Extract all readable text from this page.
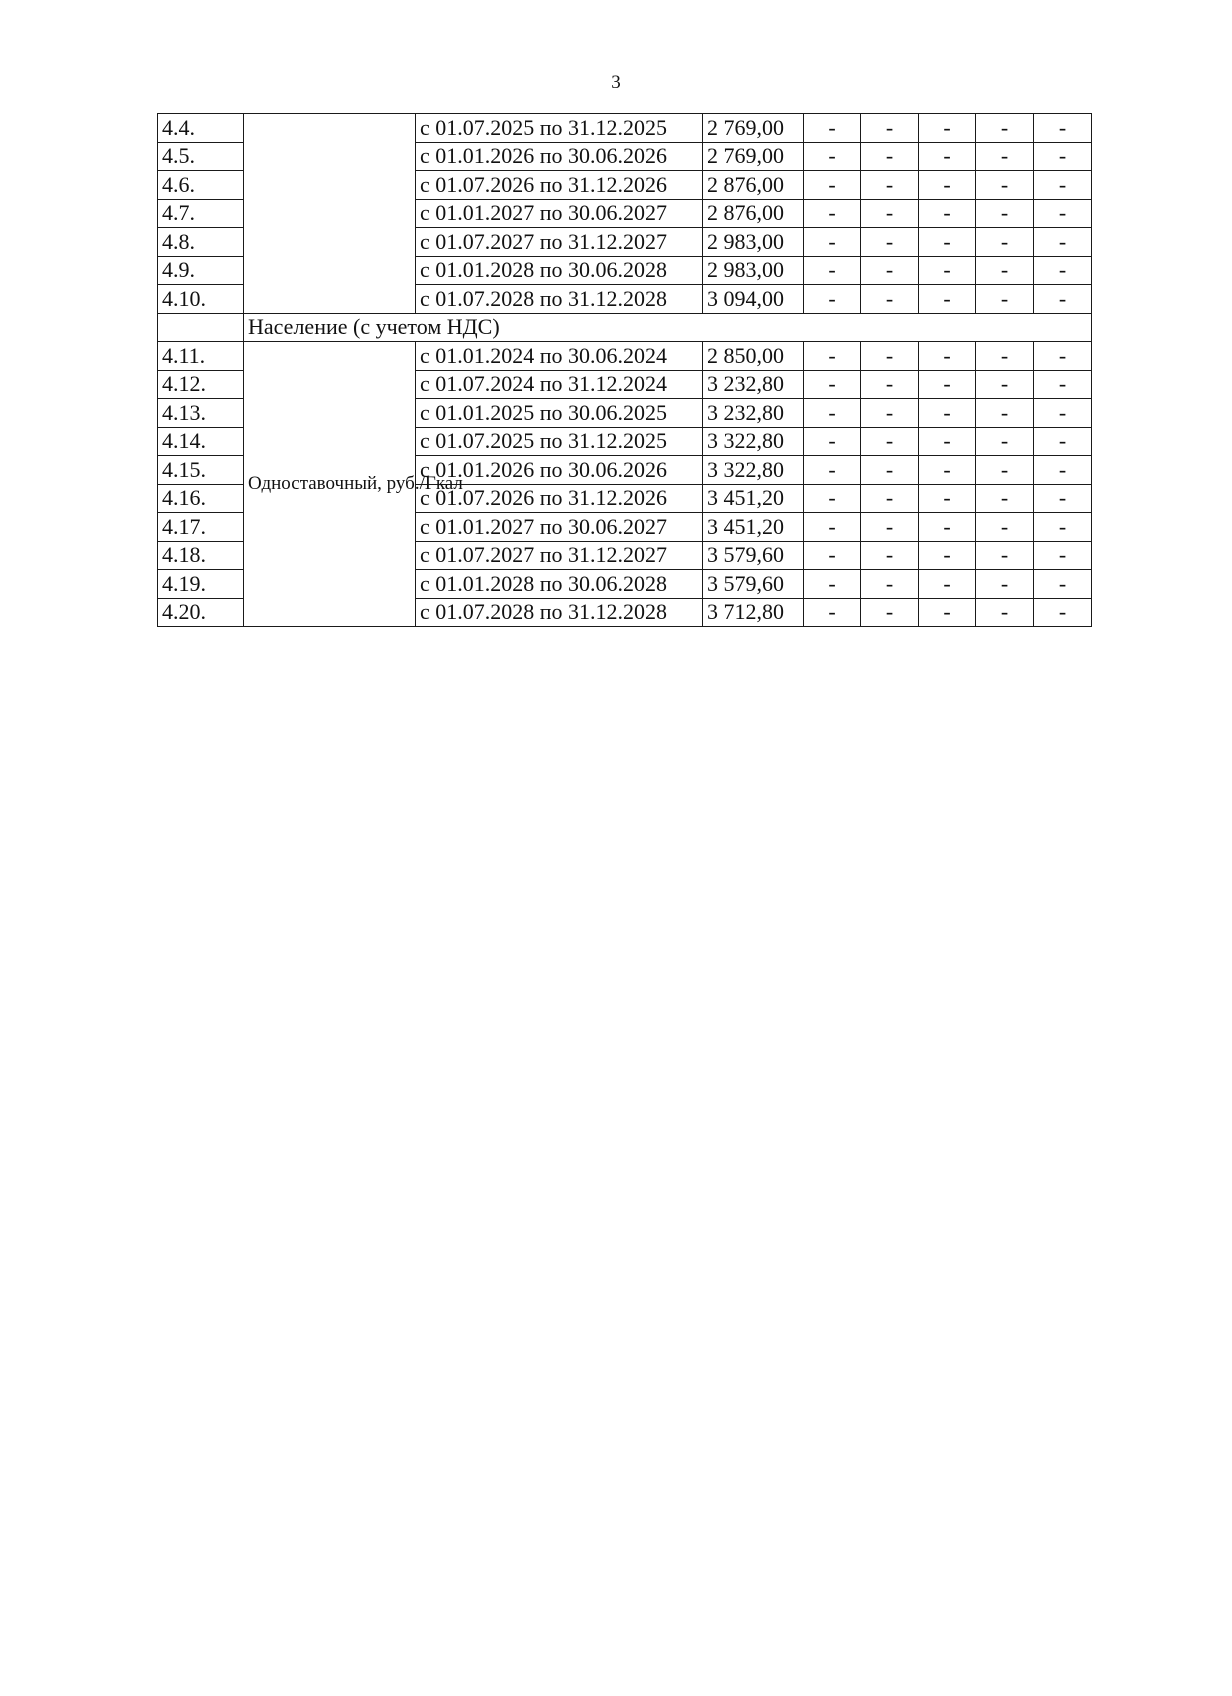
3
4.4.		с 01.07.2025 по 31.12.2025	2 769,00	-	-	-	-	-
4.5.		с 01.01.2026 по 30.06.2026	2 769,00	-	-	-	-	-
4.6.		с 01.07.2026 по 31.12.2026	2 876,00	-	-	-	-	-
4.7.		с 01.01.2027 по 30.06.2027	2 876,00	-	-	-	-	-
4.8.		с 01.07.2027 по 31.12.2027	2 983,00	-	-	-	-	-
4.9.		с 01.01.2028 по 30.06.2028	2 983,00	-	-	-	-	-
4.10.		с 01.07.2028 по 31.12.2028	3 094,00	-	-	-	-	-
	Население (с учетом НДС)							
4.11.	Одноставочный, руб./Гкал	с 01.01.2024 по 30.06.2024	2 850,00	-	-	-	-	-
4.12.		с 01.07.2024 по 31.12.2024	3 232,80	-	-	-	-	-
4.13.		с 01.01.2025 по 30.06.2025	3 232,80	-	-	-	-	-
4.14.		с 01.07.2025 по 31.12.2025	3 322,80	-	-	-	-	-
4.15.		с 01.01.2026 по 30.06.2026	3 322,80	-	-	-	-	-
4.16.		с 01.07.2026 по 31.12.2026	3 451,20	-	-	-	-	-
4.17.		с 01.01.2027 по 30.06.2027	3 451,20	-	-	-	-	-
4.18.		с 01.07.2027 по 31.12.2027	3 579,60	-	-	-	-	-
4.19.		с 01.01.2028 по 30.06.2028	3 579,60	-	-	-	-	-
4.20.		с 01.07.2028 по 31.12.2028	3 712,80	-	-	-	-	-
